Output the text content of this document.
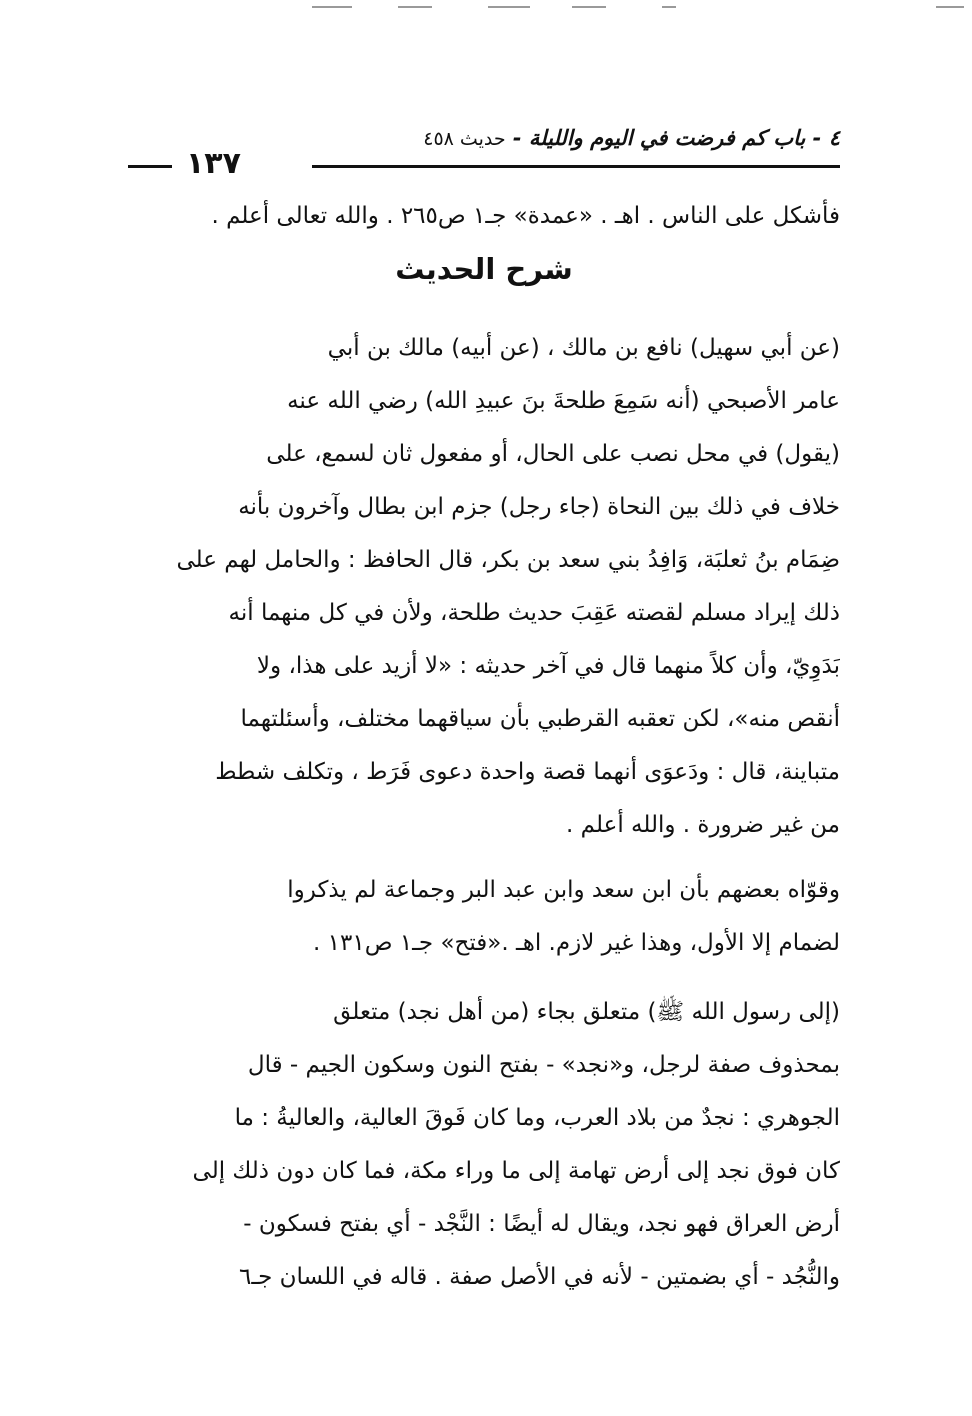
٤ - باب كم فرضت في اليوم والليلة - حديث ٤٥٨
١٣٧
فأشكل على الناس . اهـ . «عمدة» جـ١ ص٢٦٥ . والله تعالى أعلم .
شرح الحديث
(عن أبي سهيل) نافع بن مالك ، (عن أبيه) مالك بن أبي
عامر الأصبحي (أنه سَمِعَ طلحةَ بنَ عبيدِ الله) رضي الله عنه
(يقول) في محل نصب على الحال، أو مفعول ثان لسمع، على
خلاف في ذلك بين النحاة (جاء رجل) جزم ابن بطال وآخرون بأنه
ضِمَام بنُ ثعلبَة، وَافِدُ بني سعد بن بكر، قال الحافظ : والحامل لهم على
ذلك إيراد مسلم لقصته عَقِبَ حديث طلحة، ولأن في كل منهما أنه
بَدَوِيّ، وأن كلاً منهما قال في آخر حديثه : «لا أزيد على هذا، ولا
أنقص منه»، لكن تعقبه القرطبي بأن سياقهما مختلف، وأسئلتهما
متباينة، قال : ودَعوَى أنهما قصة واحدة دعوى فَرَط ، وتكلف شطط
من غير ضرورة . والله أعلم .
وقوّاه بعضهم بأن ابن سعد وابن عبد البر وجماعة لم يذكروا
لضمام إلا الأول، وهذا غير لازم. اهـ .«فتح» جـ١ ص١٣١ .
(إلى رسول الله ﷺ) متعلق بجاء (من أهل نجد) متعلق
بمحذوف صفة لرجل، و«نجد» - بفتح النون وسكون الجيم - قال
الجوهري : نجدٌ من بلاد العرب، وما كان فَوقَ العالية، والعاليةُ : ما
كان فوق نجد إلى أرض تهامة إلى ما وراء مكة، فما كان دون ذلك إلى
أرض العراق فهو نجد، ويقال له أيضًا : النَّجْد - أي بفتح فسكون -
والنُّجُد - أي بضمتين - لأنه في الأصل صفة . قاله في اللسان جـ٦
